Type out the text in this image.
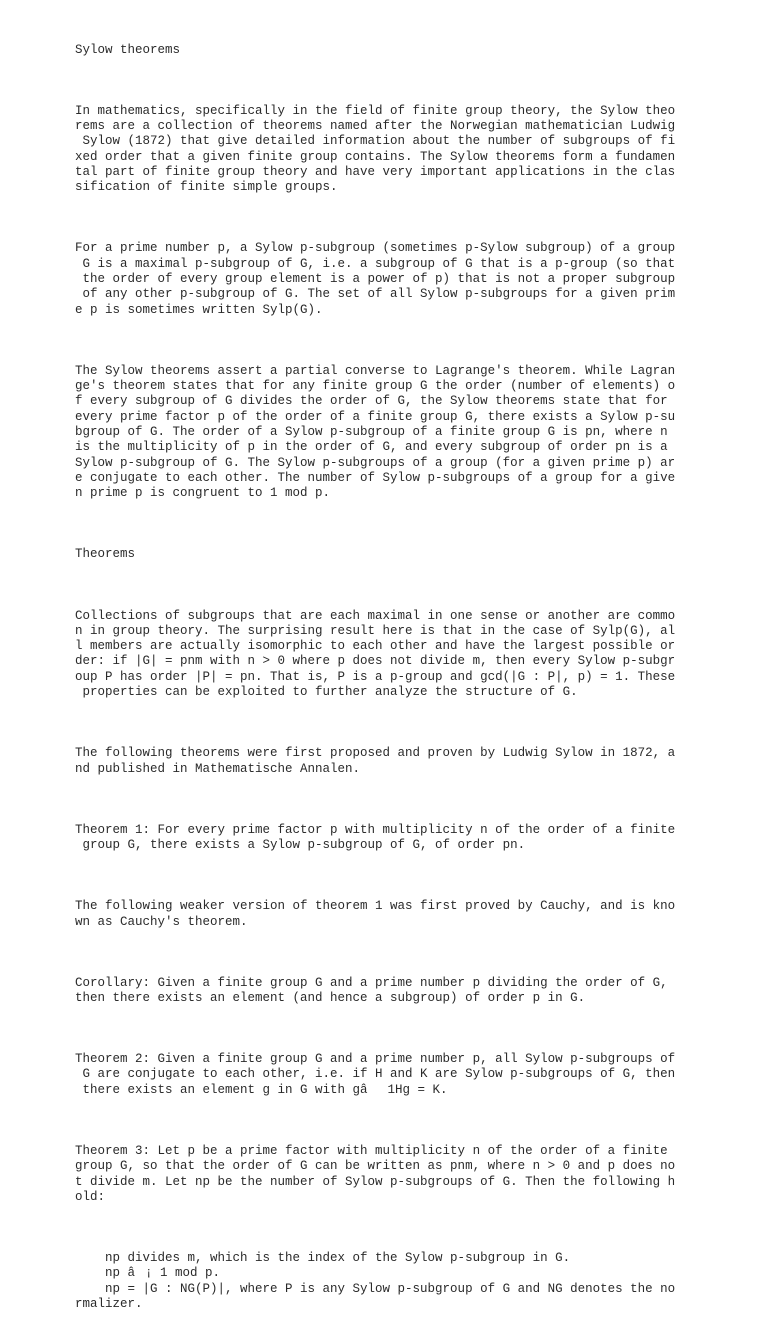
Sylow theorems

In mathematics, specifically in the field of finite group theory, the Sylow theo
rems are a collection of theorems named after the Norwegian mathematician Ludwig
Sylow (1872) that give detailed information about the number of subgroups of fi
xed order that a given finite group contains. The Sylow theorems form a fundamen
tal part of finite group theory and have very important applications in the clas
sification of finite simple groups.

For a prime number p, a Sylow p-subgroup (sometimes p-Sylow subgroup) of a group
G is a maximal p-subgroup of G, i.e. a subgroup of G that is a p-group (so that
the order of every group element is a power of p) that is not a proper subgroup
of any other p-subgroup of G. The set of all Sylow p-subgroups for a given prim
e p is sometimes written Sylp(G).

The Sylow theorems assert a partial converse to Lagrange's theorem. While Lagran
ge's theorem states that for any finite group G the order (number of elements) o
f every subgroup of G divides the order of G, the Sylow theorems state that for
every prime factor p of the order of a finite group G, there exists a Sylow p-su
bgroup of G. The order of a Sylow p-subgroup of a finite group G is pn, where n
is the multiplicity of p in the order of G, and every subgroup of order pn is a
Sylow p-subgroup of G. The Sylow p-subgroups of a group (for a given prime p) ar
e conjugate to each other. The number of Sylow p-subgroups of a group for a give
n prime p is congruent to 1 mod p.

Theorems

Collections of subgroups that are each maximal in one sense or another are commo
n in group theory. The surprising result here is that in the case of Sylp(G), al
l members are actually isomorphic to each other and have the largest possible or
der: if |G| = pnm with n > 0 where p does not divide m, then every Sylow p-subgr
oup P has order |P| = pn. That is, P is a p-group and gcd(|G : P|, p) = 1. These
properties can be exploited to further analyze the structure of G.

The following theorems were first proposed and proven by Ludwig Sylow in 1872, a
nd published in Mathematische Annalen.

Theorem 1: For every prime factor p with multiplicity n of the order of a finite
group G, there exists a Sylow p-subgroup of G, of order pn.

The following weaker version of theorem 1 was first proved by Cauchy, and is kno
wn as Cauchy's theorem.

Corollary: Given a finite group G and a prime number p dividing the order of G,
then there exists an element (and hence a subgroup) of order p in G.

Theorem 2: Given a finite group G and a prime number p, all Sylow p-subgroups of
G are conjugate to each other, i.e. if H and K are Sylow p-subgroups of G, then
there exists an element g in G with gâ1Hg = K.

Theorem 3: Let p be a prime factor with multiplicity n of the order of a finite
group G, so that the order of G can be written as pnm, where n > 0 and p does no
t divide m. Let np be the number of Sylow p-subgroups of G. Then the following h
old:

np divides m, which is the index of the Sylow p-subgroup in G.
np â¡ 1 mod p.
np = |G : NG(P)|, where P is any Sylow p-subgroup of G and NG denotes the no
rmalizer.
